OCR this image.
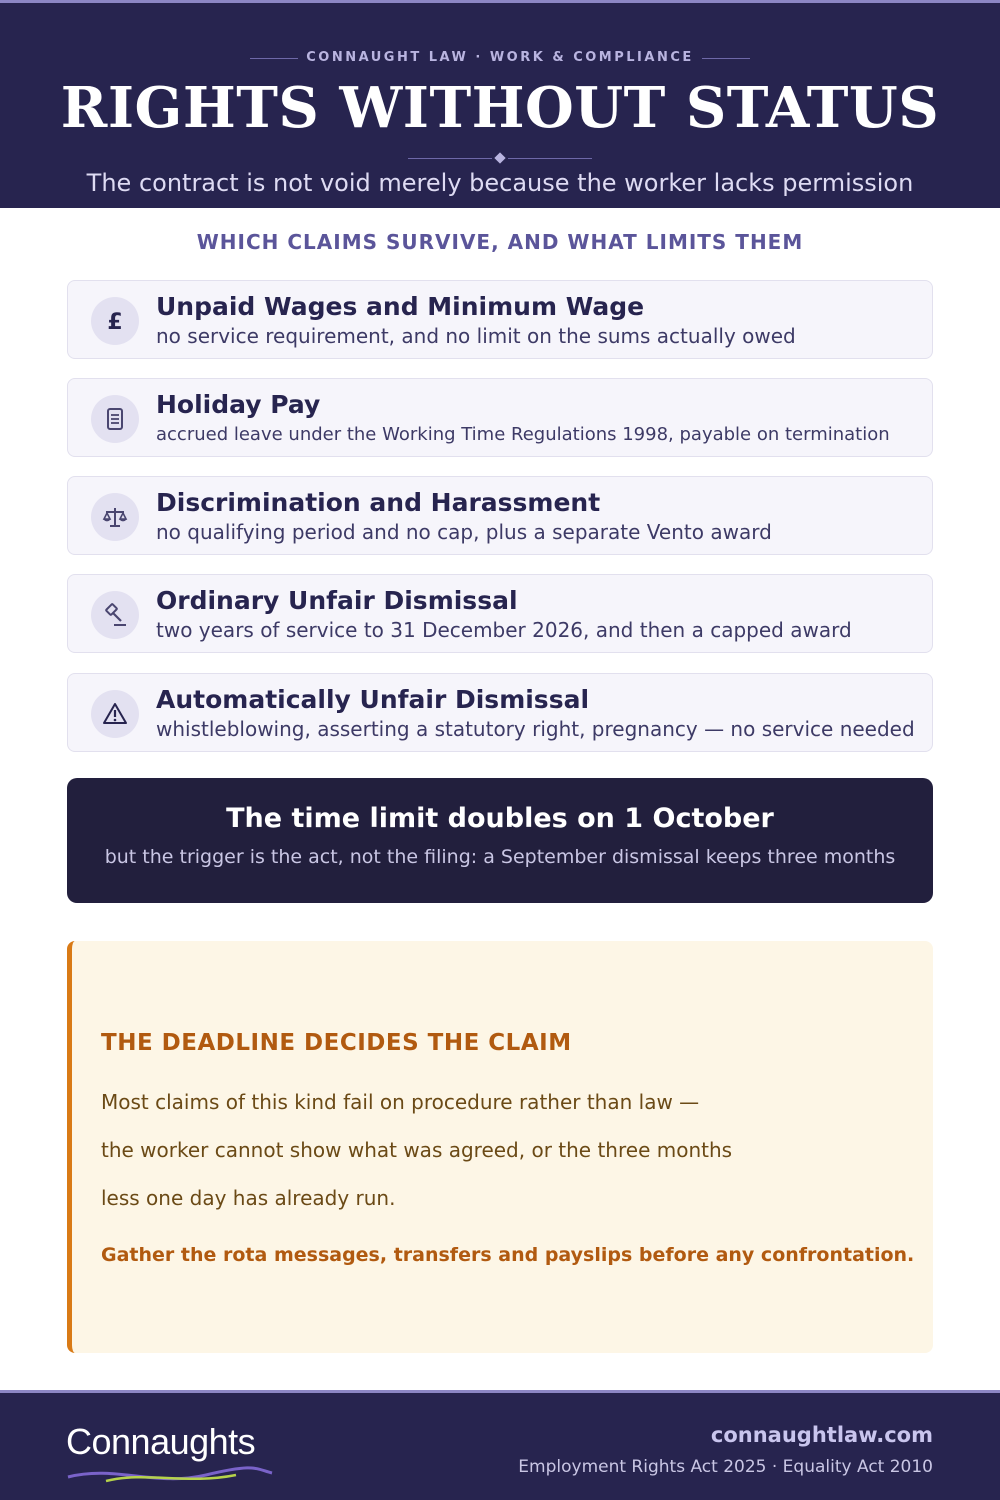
CONNAUGHT LAW · WORK & COMPLIANCE
RIGHTS WITHOUT STATUS
The contract is not void merely because the worker lacks permission
WHICH CLAIMS SURVIVE, AND WHAT LIMITS THEM
£
Unpaid Wages and Minimum Wage
no service requirement, and no limit on the sums actually owed
Holiday Pay
accrued leave under the Working Time Regulations 1998, payable on termination
Discrimination and Harassment
no qualifying period and no cap, plus a separate Vento award
Ordinary Unfair Dismissal
two years of service to 31 December 2026, and then a capped award
Automatically Unfair Dismissal
whistleblowing, asserting a statutory right, pregnancy — no service needed
The time limit doubles on 1 October
but the trigger is the act, not the filing: a September dismissal keeps three months
THE DEADLINE DECIDES THE CLAIM
Most claims of this kind fail on procedure rather than law —
the worker cannot show what was agreed, or the three months
less one day has already run.
Gather the rota messages, transfers and payslips before any confrontation.
Connaughts	connaughtlaw.com
Employment Rights Act 2025 · Equality Act 2010
